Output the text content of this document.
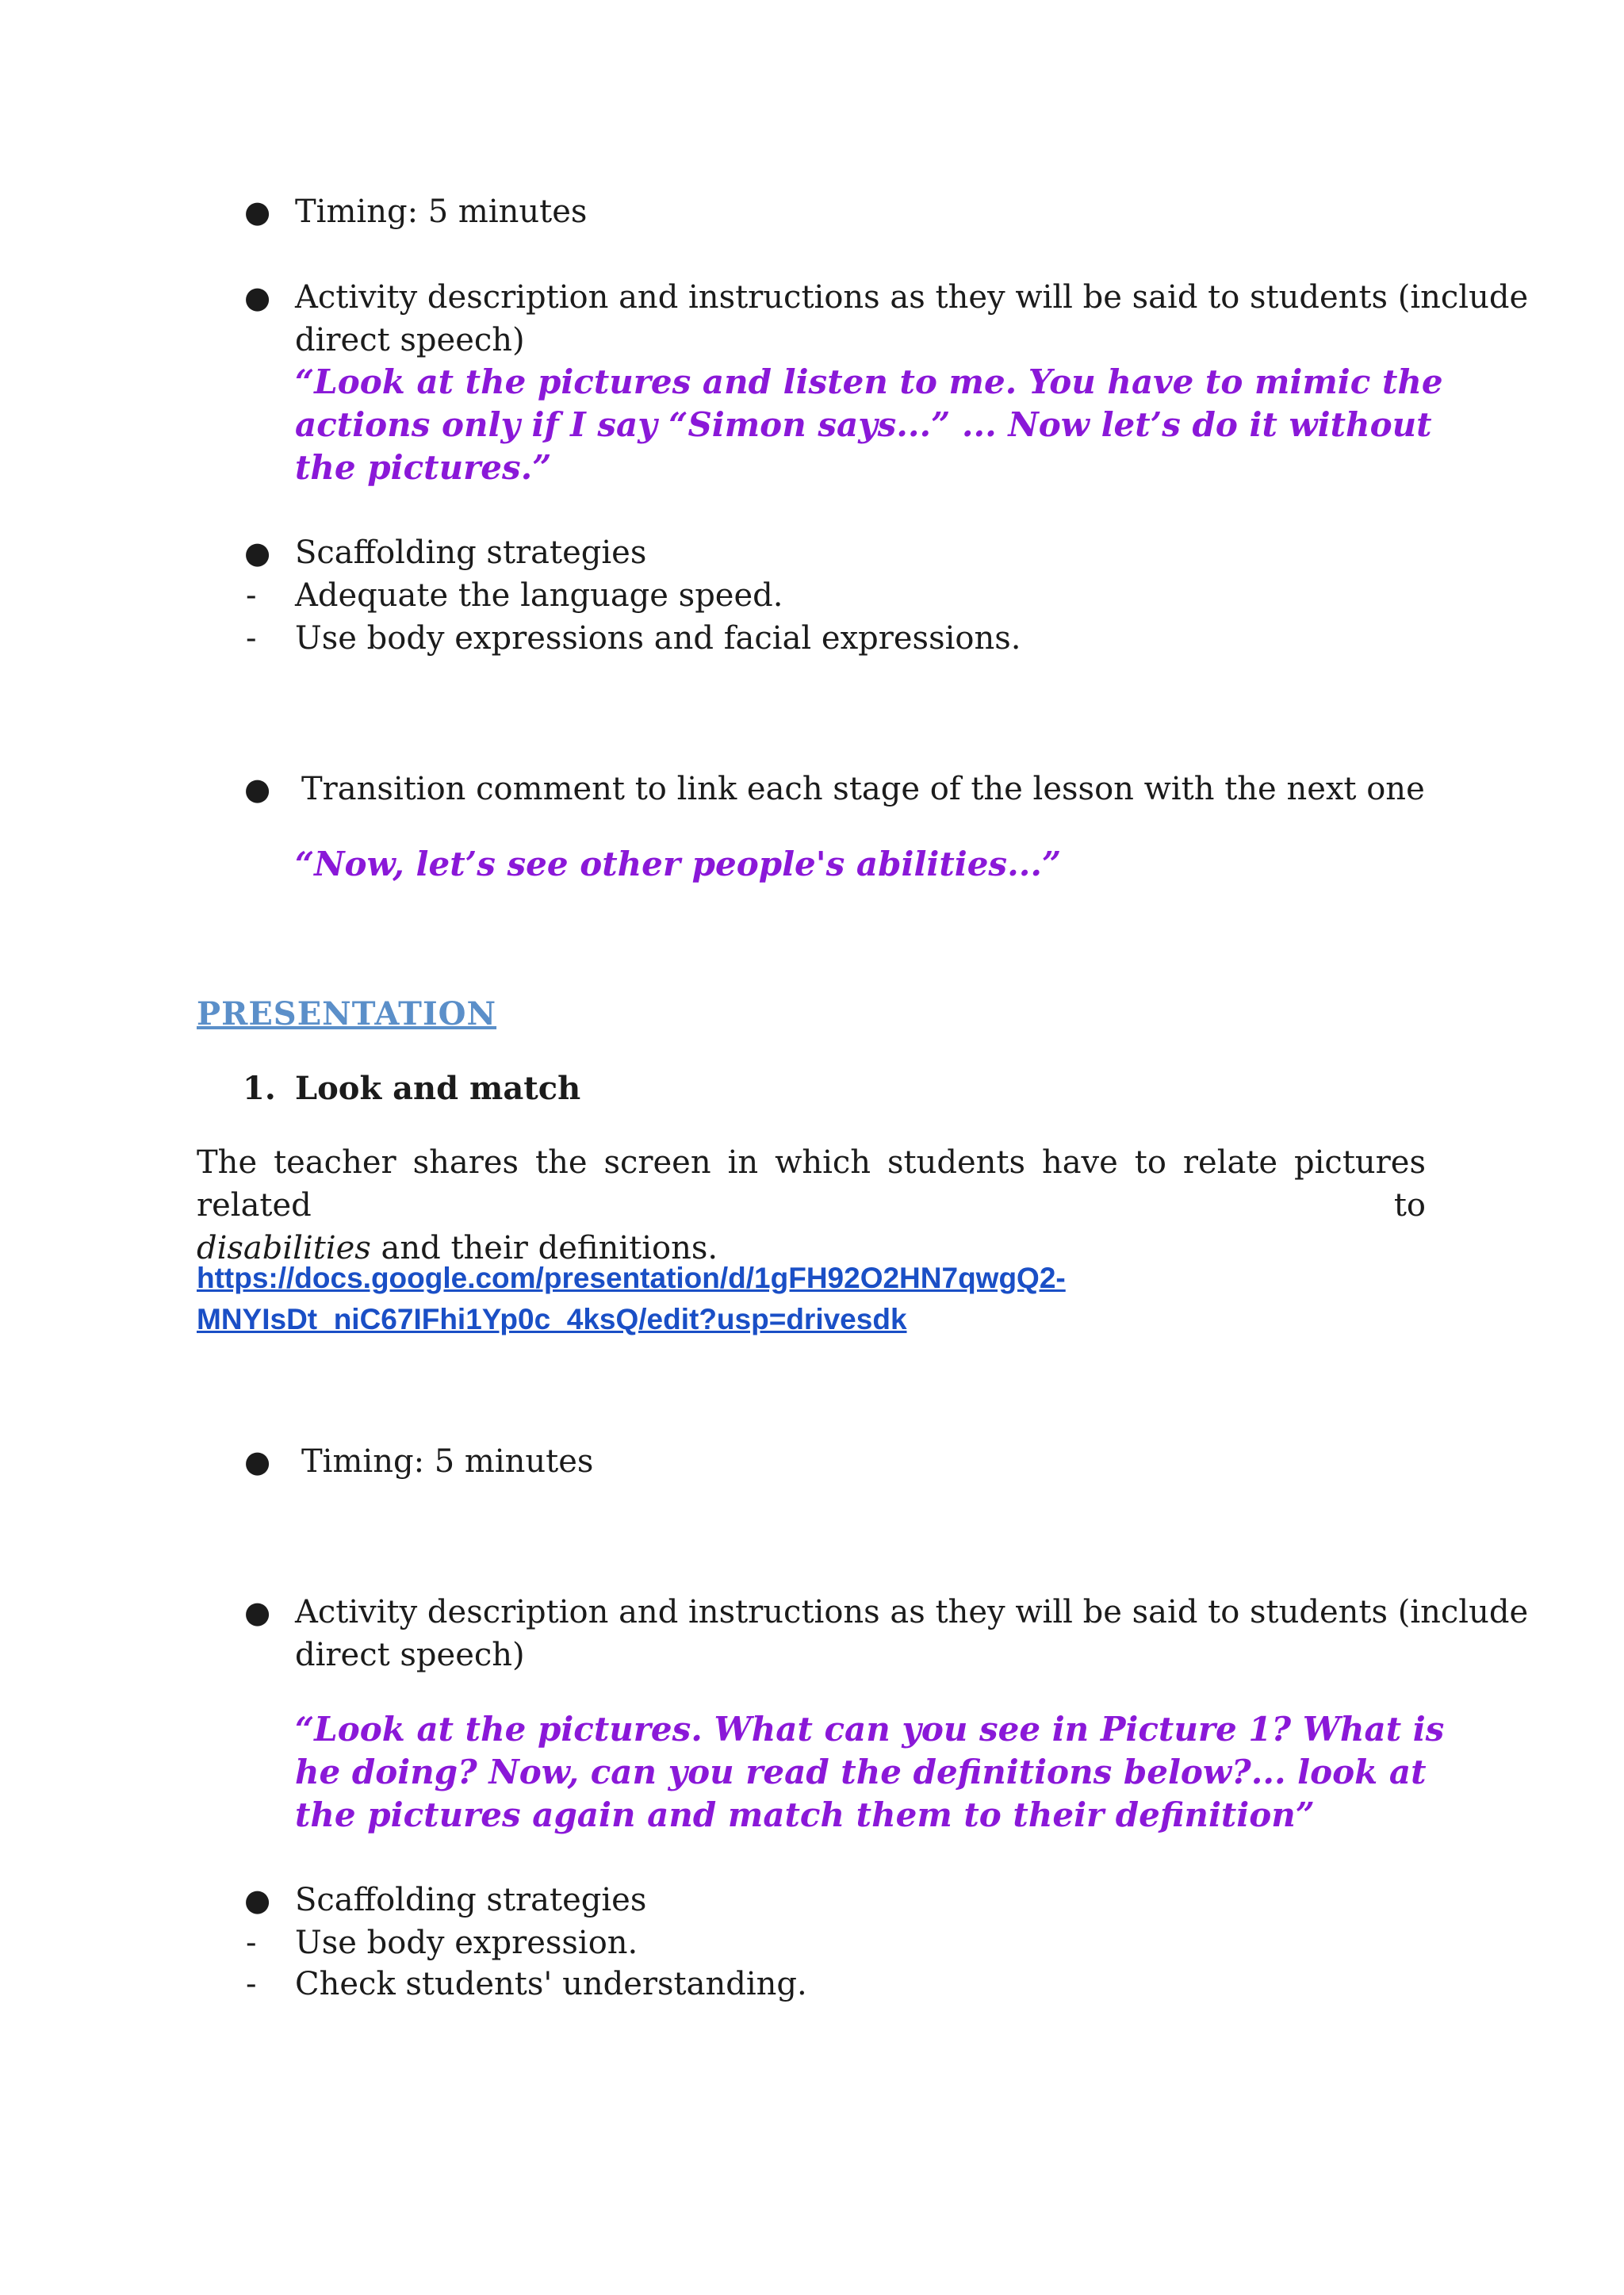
● Timing: 5 minutes
● Activity description and instructions as they will be said to students (include
direct speech)
“Look at the pictures and listen to me. You have to mimic the
actions only if I say “Simon says...” ... Now let’s do it without
the pictures.”
● Scaffolding strategies
- Adequate the language speed.
- Use body expressions and facial expressions.
● Transition comment to link each stage of the lesson with the next one
“Now, let’s see other people's abilities...”
PRESENTATION
1. Look and match
The teacher shares the screen in which students have to relate pictures related to
disabilities and their definitions.
https://docs.google.com/presentation/d/1gFH92O2HN7qwgQ2-
MNYIsDt_niC67IFhi1Yp0c_4ksQ/edit?usp=drivesdk
● Timing: 5 minutes
● Activity description and instructions as they will be said to students (include
direct speech)
“Look at the pictures. What can you see in Picture 1? What is
he doing? Now, can you read the definitions below?... look at
the pictures again and match them to their definition”
● Scaffolding strategies
- Use body expression.
- Check students' understanding.
